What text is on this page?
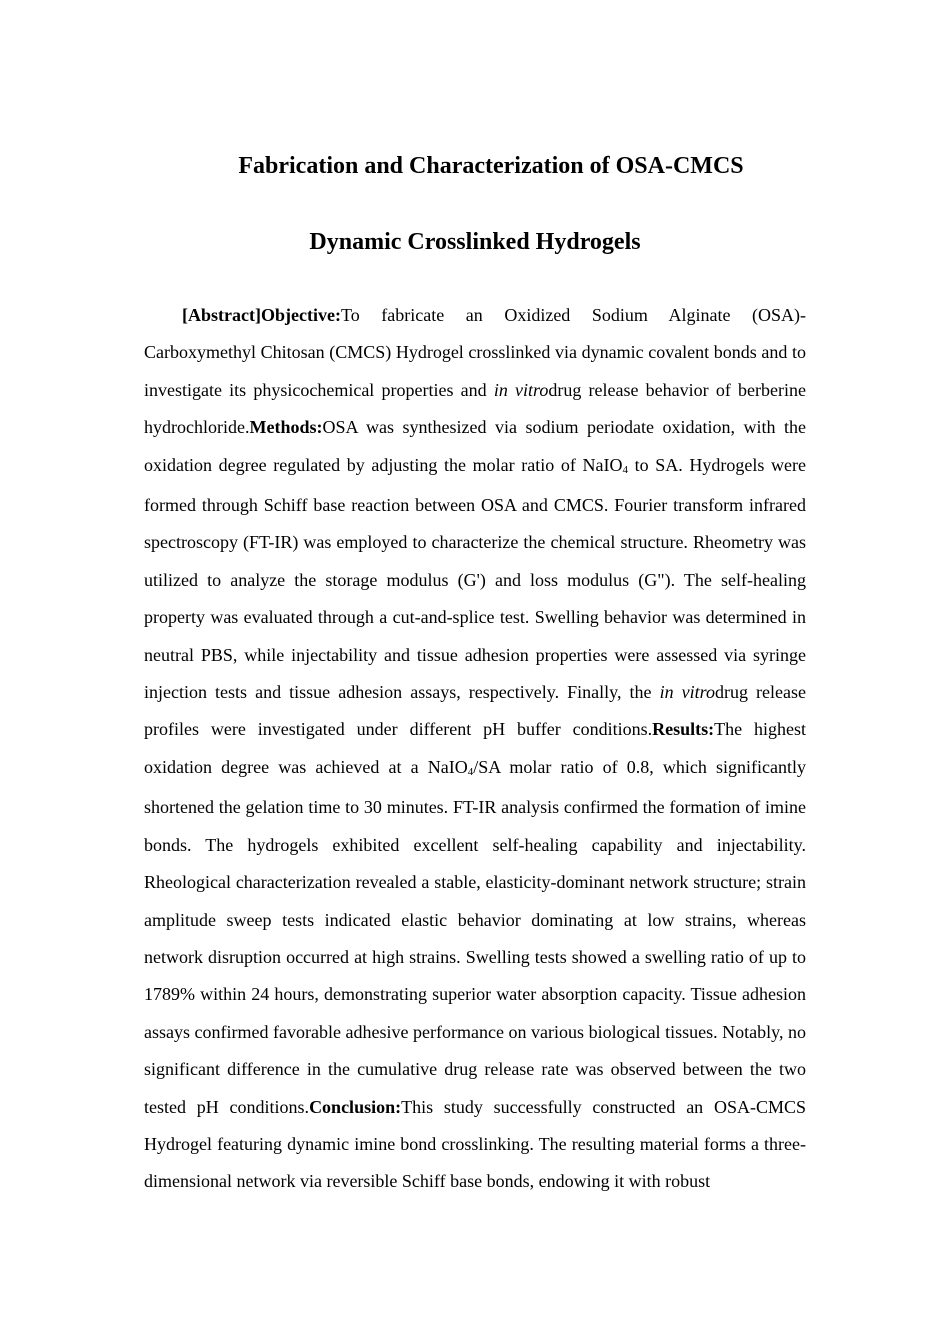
Fabrication and Characterization of OSA-CMCS
Dynamic Crosslinked Hydrogels

[Abstract]Objective:To fabricate an Oxidized Sodium Alginate (OSA)-Carboxymethyl Chitosan (CMCS) Hydrogel crosslinked via dynamic covalent bonds and to investigate its physicochemical properties and in vitrodrug release behavior of berberine hydrochloride.Methods:OSA was synthesized via sodium periodate oxidation, with the oxidation degree regulated by adjusting the molar ratio of NaIO$_4$ to SA. Hydrogels were formed through Schiff base reaction between OSA and CMCS. Fourier transform infrared spectroscopy (FT-IR) was employed to characterize the chemical structure. Rheometry was utilized to analyze the storage modulus (G') and loss modulus (G"). The self-healing property was evaluated through a cut-and-splice test. Swelling behavior was determined in neutral PBS, while injectability and tissue adhesion properties were assessed via syringe injection tests and tissue adhesion assays, respectively. Finally, the in vitrodrug release profiles were investigated under different pH buffer conditions.Results:The highest oxidation degree was achieved at a NaIO$_4$/SA molar ratio of 0.8, which significantly shortened the gelation time to 30 minutes. FT-IR analysis confirmed the formation of imine bonds. The hydrogels exhibited excellent self-healing capability and injectability. Rheological characterization revealed a stable, elasticity-dominant network structure; strain amplitude sweep tests indicated elastic behavior dominating at low strains, whereas network disruption occurred at high strains. Swelling tests showed a swelling ratio of up to 1789% within 24 hours, demonstrating superior water absorption capacity. Tissue adhesion assays confirmed favorable adhesive performance on various biological tissues. Notably, no significant difference in the cumulative drug release rate was observed between the two tested pH conditions.Conclusion:This study successfully constructed an OSA-CMCS Hydrogel featuring dynamic imine bond crosslinking. The resulting material forms a three-dimensional network via reversible Schiff base bonds, endowing it with robust
